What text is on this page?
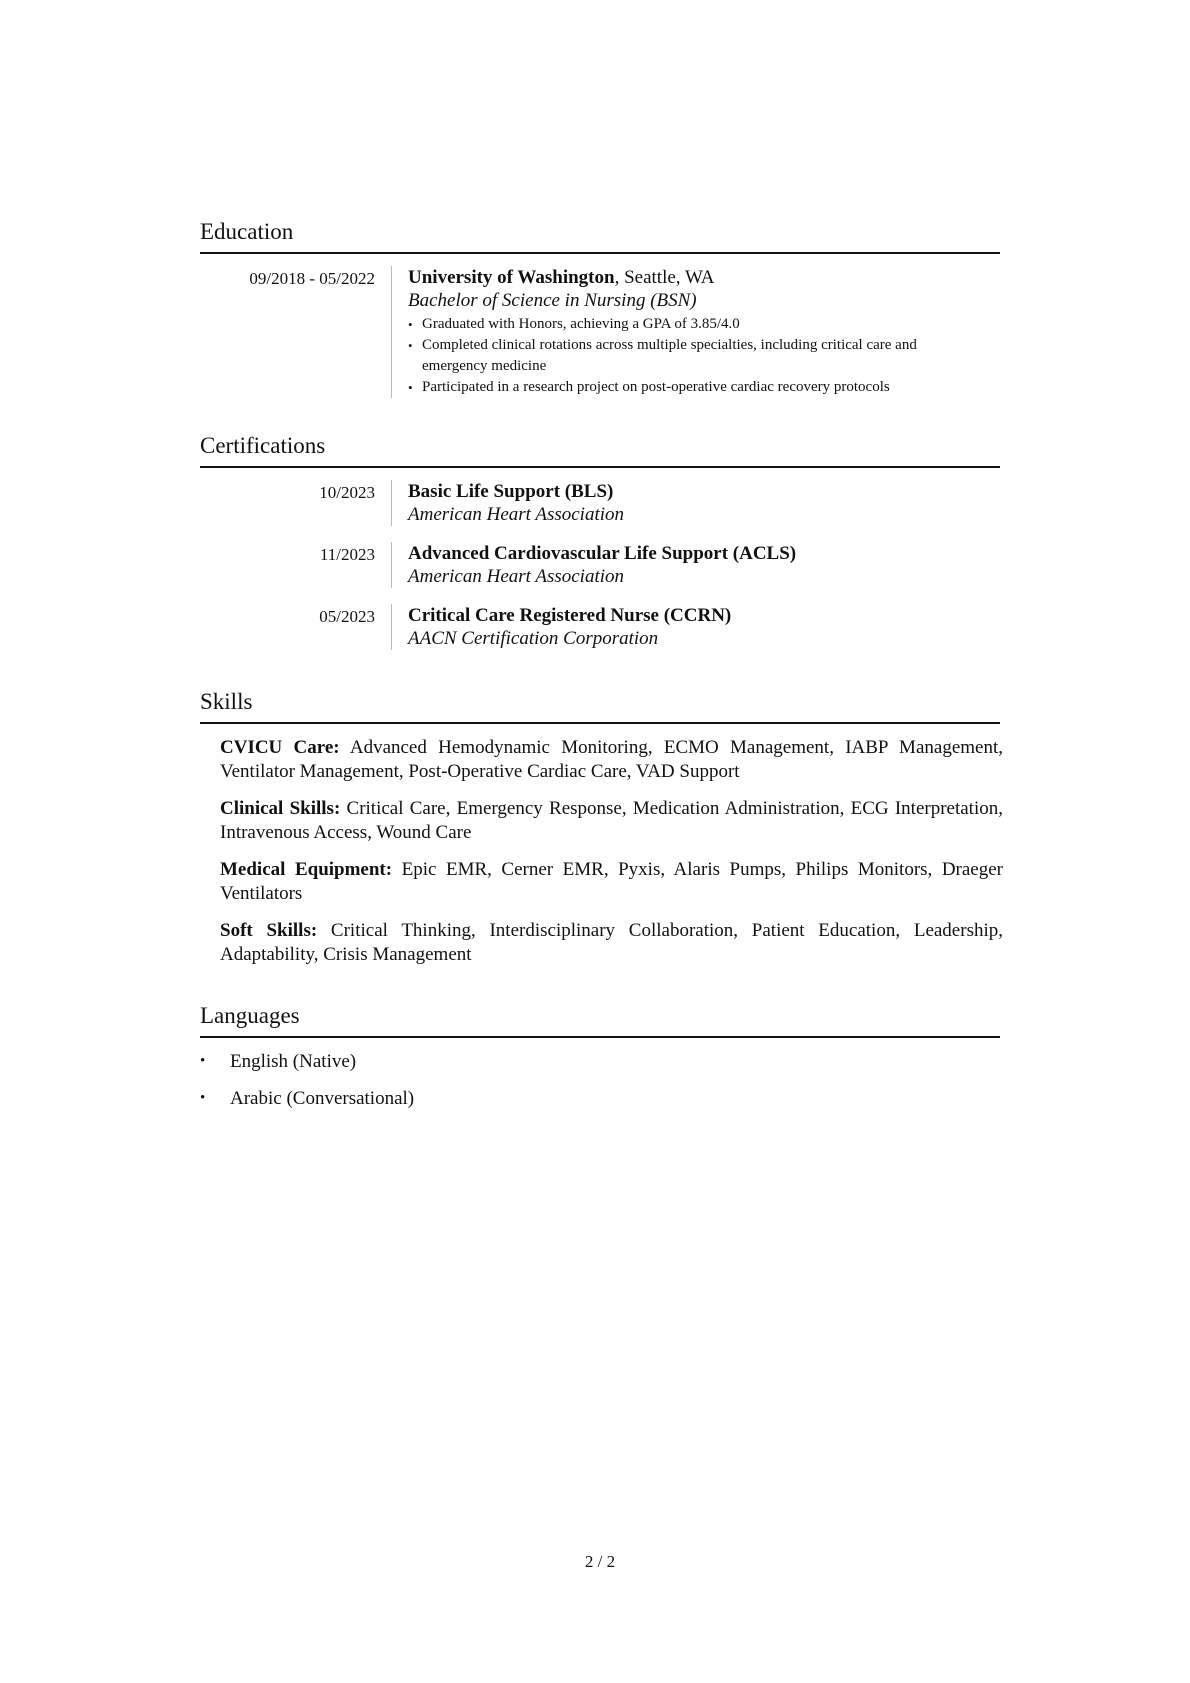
Education
09/2018 - 05/2022 University of Washington, Seattle, WA
Bachelor of Science in Nursing (BSN)
• Graduated with Honors, achieving a GPA of 3.85/4.0
• Completed clinical rotations across multiple specialties, including critical care and emergency medicine
• Participated in a research project on post-operative cardiac recovery protocols
Certifications
10/2023 Basic Life Support (BLS)
American Heart Association
11/2023 Advanced Cardiovascular Life Support (ACLS)
American Heart Association
05/2023 Critical Care Registered Nurse (CCRN)
AACN Certification Corporation
Skills
CVICU Care: Advanced Hemodynamic Monitoring, ECMO Management, IABP Management, Ventilator Management, Post-Operative Cardiac Care, VAD Support
Clinical Skills: Critical Care, Emergency Response, Medication Administration, ECG Interpretation, Intravenous Access, Wound Care
Medical Equipment: Epic EMR, Cerner EMR, Pyxis, Alaris Pumps, Philips Monitors, Draeger Ventilators
Soft Skills: Critical Thinking, Interdisciplinary Collaboration, Patient Education, Leadership, Adaptability, Crisis Management
Languages
• English (Native)
• Arabic (Conversational)
2 / 2
